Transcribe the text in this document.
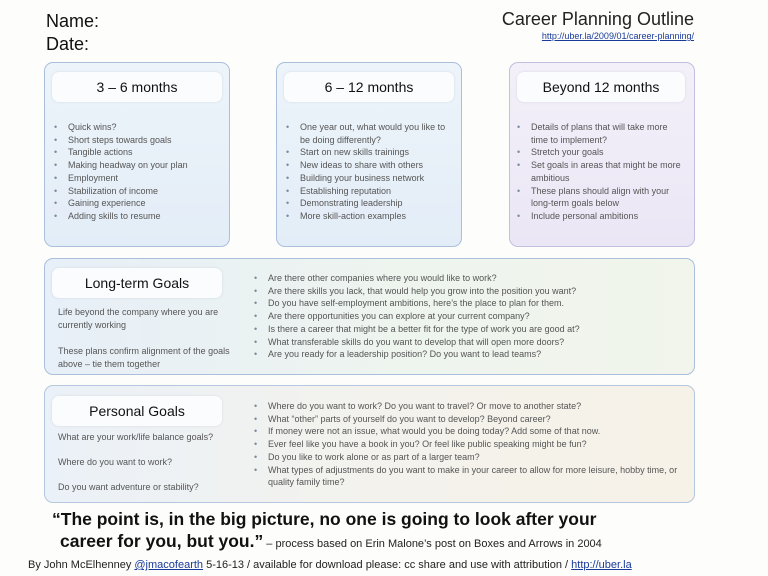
Name:
Date:
Career Planning Outline
http://uber.la/2009/01/career-planning/
3 – 6 months
• Quick wins?
• Short steps towards goals
• Tangible actions
• Making headway on your plan
• Employment
• Stabilization of income
• Gaining experience
• Adding skills to resume
6 – 12 months
• One year out, what would you like to be doing differently?
• Start on new skills trainings
• New ideas to share with others
• Building your business network
• Establishing reputation
• Demonstrating leadership
• More skill-action examples
Beyond 12 months
• Details of plans that will take more time to implement?
• Stretch your goals
• Set goals in areas that might be more ambitious
• These plans should align with your long-term goals below
• Include personal ambitions
Long-term Goals
Life beyond the company where you are currently working
These plans confirm alignment of the goals above – tie them together
• Are there other companies where you would like to work?
• Are there skills you lack, that would help you grow into the position you want?
• Do you have self-employment ambitions, here’s the place to plan for them.
• Are there opportunities you can explore at your current company?
• Is there a career that might be a better fit for the type of work you are good at?
• What transferable skills do you want to develop that will open more doors?
• Are you ready for a leadership position? Do you want to lead teams?
Personal Goals
What are your work/life balance goals?
Where do you want to work?
Do you want adventure or stability?
• Where do you want to work? Do you want to travel? Or move to another state?
• What “other” parts of yourself do you want to develop? Beyond career?
• If money were not an issue, what would you be doing today? Add some of that now.
• Ever feel like you have a book in you? Or feel like public speaking might be fun?
• Do you like to work alone or as part of a larger team?
• What types of adjustments do you want to make in your career to allow for more leisure, hobby time, or quality family time?
“The point is, in the big picture, no one is going to look after your
career for you, but you.” – process based on Erin Malone’s post on Boxes and Arrows in 2004
By John McElhenney @jmacofearth 5-16-13 / available for download please: cc share and use with attribution / http://uber.la
